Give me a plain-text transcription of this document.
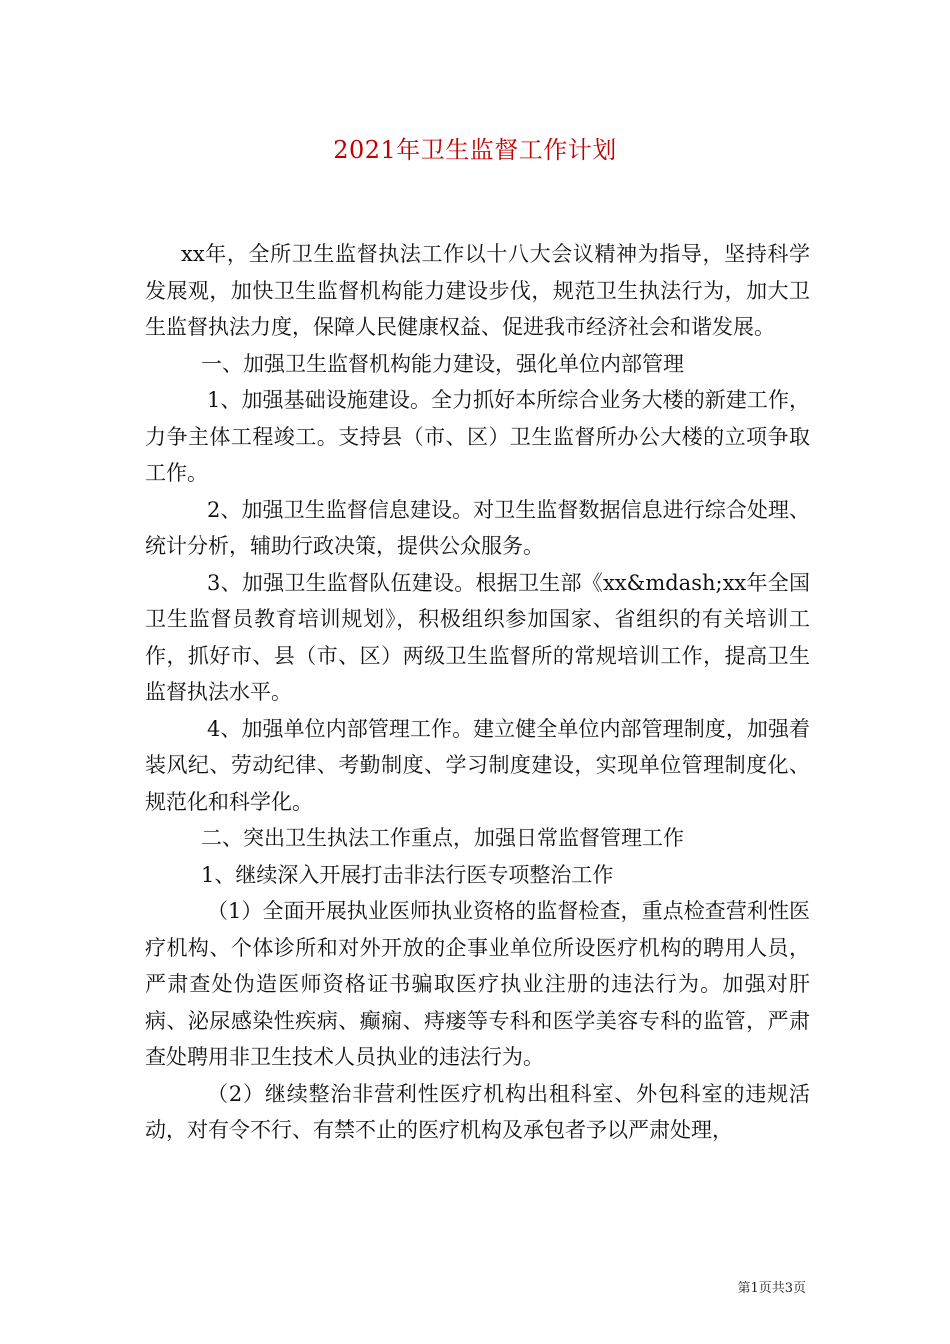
2021年卫生监督工作计划

xx年，全所卫生监督执法工作以十八大会议精神为指导，坚持科学发展观，加快卫生监督机构能力建设步伐，规范卫生执法行为，加大卫生监督执法力度，保障人民健康权益、促进我市经济社会和谐发展。

一、加强卫生监督机构能力建设，强化单位内部管理

1、加强基础设施建设。全力抓好本所综合业务大楼的新建工作，力争主体工程竣工。支持县（市、区）卫生监督所办公大楼的立项争取工作。

2、加强卫生监督信息建设。对卫生监督数据信息进行综合处理、统计分析，辅助行政决策，提供公众服务。

3、加强卫生监督队伍建设。根据卫生部《xx&mdash;xx年全国卫生监督员教育培训规划》，积极组织参加国家、省组织的有关培训工作，抓好市、县（市、区）两级卫生监督所的常规培训工作，提高卫生监督执法水平。

4、加强单位内部管理工作。建立健全单位内部管理制度，加强着装风纪、劳动纪律、考勤制度、学习制度建设，实现单位管理制度化、规范化和科学化。

二、突出卫生执法工作重点，加强日常监督管理工作

1、继续深入开展打击非法行医专项整治工作

（1）全面开展执业医师执业资格的监督检查，重点检查营利性医疗机构、个体诊所和对外开放的企事业单位所设医疗机构的聘用人员，严肃查处伪造医师资格证书骗取医疗执业注册的违法行为。加强对肝病、泌尿感染性疾病、癫痫、痔瘘等专科和医学美容专科的监管，严肃查处聘用非卫生技术人员执业的违法行为。

（2）继续整治非营利性医疗机构出租科室、外包科室的违规活动，对有令不行、有禁不止的医疗机构及承包者予以严肃处理，

第1页共3页
